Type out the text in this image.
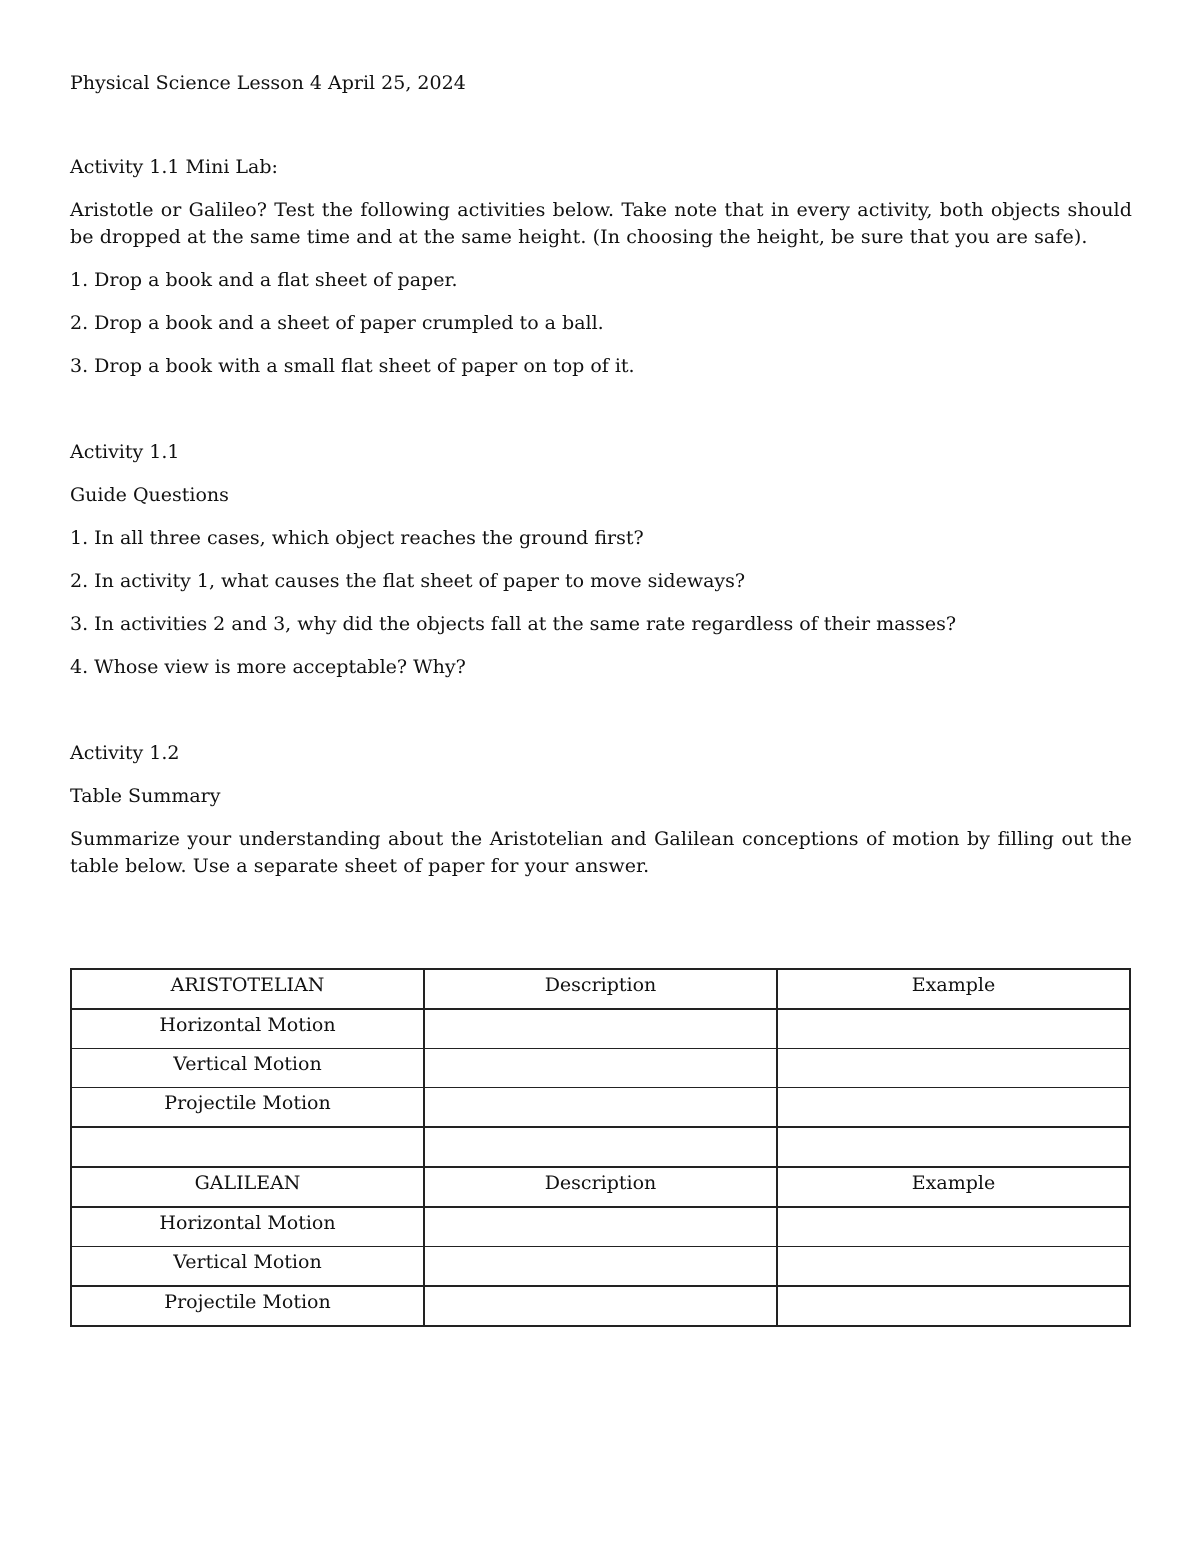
Physical Science Lesson 4 April 25, 2024

Activity 1.1 Mini Lab:

Aristotle or Galileo? Test the following activities below. Take note that in every activity, both objects should be dropped at the same time and at the same height. (In choosing the height, be sure that you are safe).

1. Drop a book and a flat sheet of paper.

2. Drop a book and a sheet of paper crumpled to a ball.

3. Drop a book with a small flat sheet of paper on top of it.

Activity 1.1

Guide Questions

1. In all three cases, which object reaches the ground first?

2. In activity 1, what causes the flat sheet of paper to move sideways?

3. In activities 2 and 3, why did the objects fall at the same rate regardless of their masses?

4. Whose view is more acceptable? Why?

Activity 1.2

Table Summary

Summarize your understanding about the Aristotelian and Galilean conceptions of motion by filling out the table below. Use a separate sheet of paper for your answer.

ARISTOTELIAN	Description	Example
Horizontal Motion		
Vertical Motion		
Projectile Motion		

GALILEAN	Description	Example
Horizontal Motion		
Vertical Motion		
Projectile Motion		
